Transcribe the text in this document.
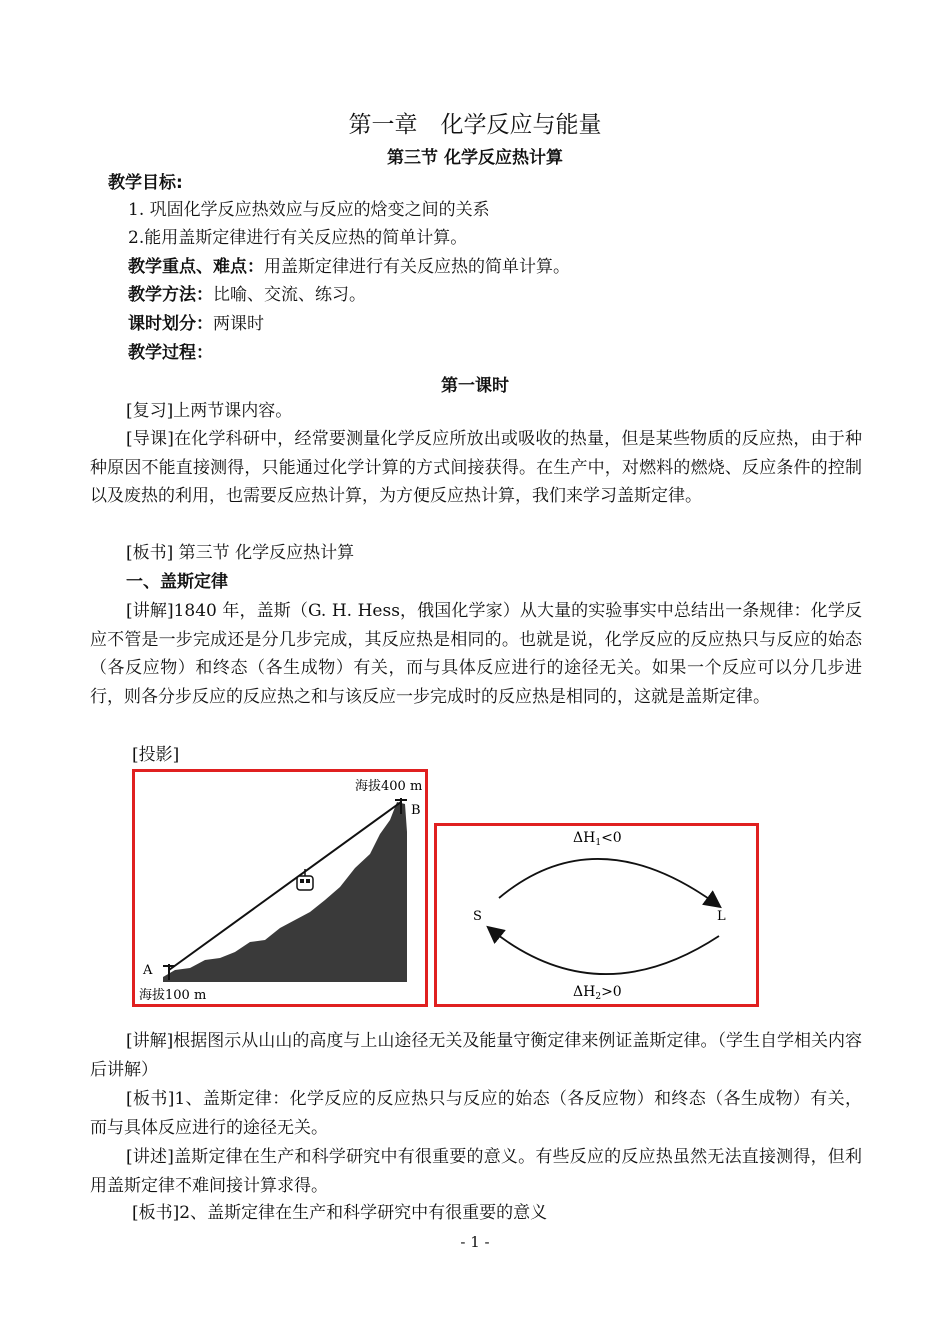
第一章　化学反应与能量
第三节 化学反应热计算
教学目标:
1. 巩固化学反应热效应与反应的焓变之间的关系
2.能用盖斯定律进行有关反应热的简单计算。
教学重点、难点：用盖斯定律进行有关反应热的简单计算。
教学方法：比喻、交流、练习。
课时划分：两课时
教学过程：
第一课时
[复习]上两节课内容。
[导课]在化学科研中，经常要测量化学反应所放出或吸收的热量，但是某些物质的反应热，由于种种原因不能直接测得，只能通过化学计算的方式间接获得。在生产中，对燃料的燃烧、反应条件的控制以及废热的利用，也需要反应热计算，为方便反应热计算，我们来学习盖斯定律。
[板书] 第三节 化学反应热计算
一、盖斯定律
[讲解]1840 年，盖斯（G. H. Hess，俄国化学家）从大量的实验事实中总结出一条规律：化学反应不管是一步完成还是分几步完成，其反应热是相同的。也就是说，化学反应的反应热只与反应的始态（各反应物）和终态（各生成物）有关，而与具体反应进行的途径无关。如果一个反应可以分几步进行，则各分步反应的反应热之和与该反应一步完成时的反应热是相同的，这就是盖斯定律。
[投影]
海拔400 m
B
A
海拔100 m
$\Delta H_1<0$
$\Delta H_2>0$
S	L
[讲解]根据图示从山山的高度与上山途径无关及能量守衡定律来例证盖斯定律。（学生自学相关内容后讲解）
[板书]1、盖斯定律：化学反应的反应热只与反应的始态（各反应物）和终态（各生成物）有关，而与具体反应进行的途径无关。
[讲述]盖斯定律在生产和科学研究中有很重要的意义。有些反应的反应热虽然无法直接测得，但利用盖斯定律不难间接计算求得。
[板书]2、盖斯定律在生产和科学研究中有很重要的意义
- 1 -
